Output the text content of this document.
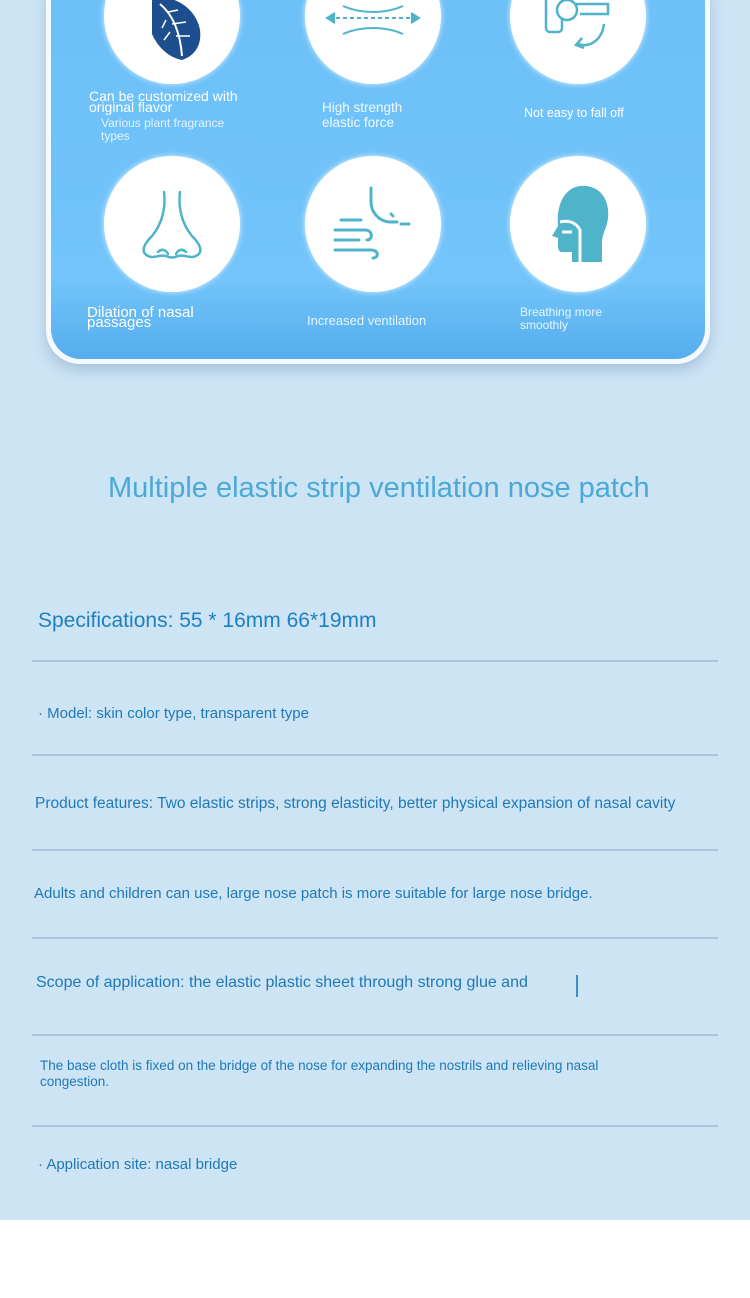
Can be customized with original flavor
Various plant fragrance types
High strength elastic force
Not easy to fall off
Dilation of nasal passages	Increased ventilation
Breathing more smoothly
Multiple elastic strip ventilation nose patch
Specifications: 55 * 16mm 66*19mm
· Model: skin color type, transparent type
Product features: Two elastic strips, strong elasticity, better physical expansion of nasal cavity
Adults and children can use, large nose patch is more suitable for large nose bridge.
Scope of application: the elastic plastic sheet through strong glue and
The base cloth is fixed on the bridge of the nose for expanding the nostrils and relieving nasal congestion.
· Application site: nasal bridge
